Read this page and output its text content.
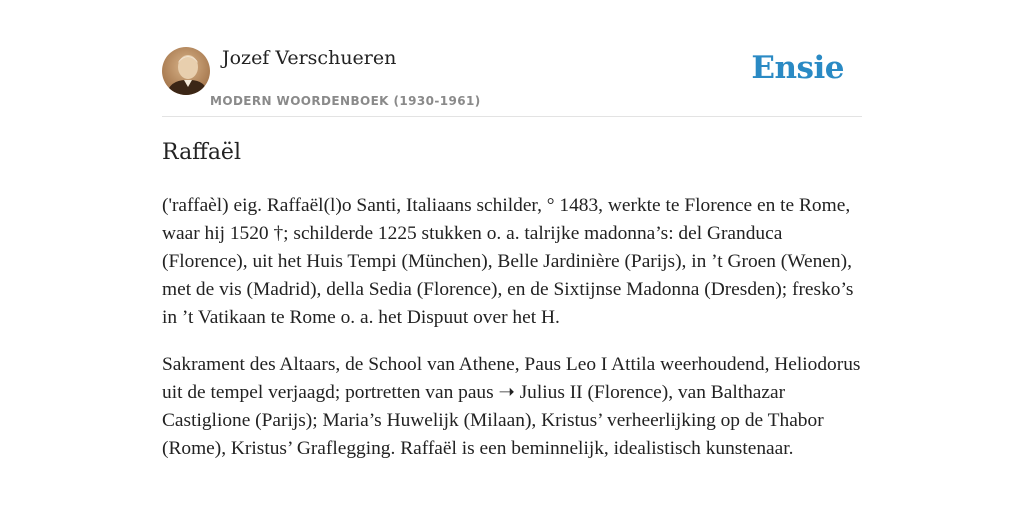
Jozef Verschueren
MODERN WOORDENBOEK (1930-1961)
Ensie
Raffaël

('raffaèl) eig. Raffaël(l)o Santi, Italiaans schilder, ° 1483, werkte te Florence en te Rome, waar hij 1520 †; schilderde 1225 stukken o. a. talrijke madonna’s: del Granduca (Florence), uit het Huis Tempi (München), Belle Jardinière (Parijs), in ’t Groen (Wenen), met de vis (Madrid), della Sedia (Florence), en de Sixtijnse Madonna (Dresden); fresko’s in ’t Vatikaan te Rome o. a. het Dispuut over het H.

Sakrament des Altaars, de School van Athene, Paus Leo I Attila weerhoudend, Heliodorus uit de tempel verjaagd; portretten van paus ➝ Julius II (Florence), van Balthazar Castiglione (Parijs); Maria’s Huwelijk (Milaan), Kristus’ verheerlijking op de Thabor (Rome), Kristus’ Graflegging. Raffaël is een beminnelijk, idealistisch kunstenaar.
